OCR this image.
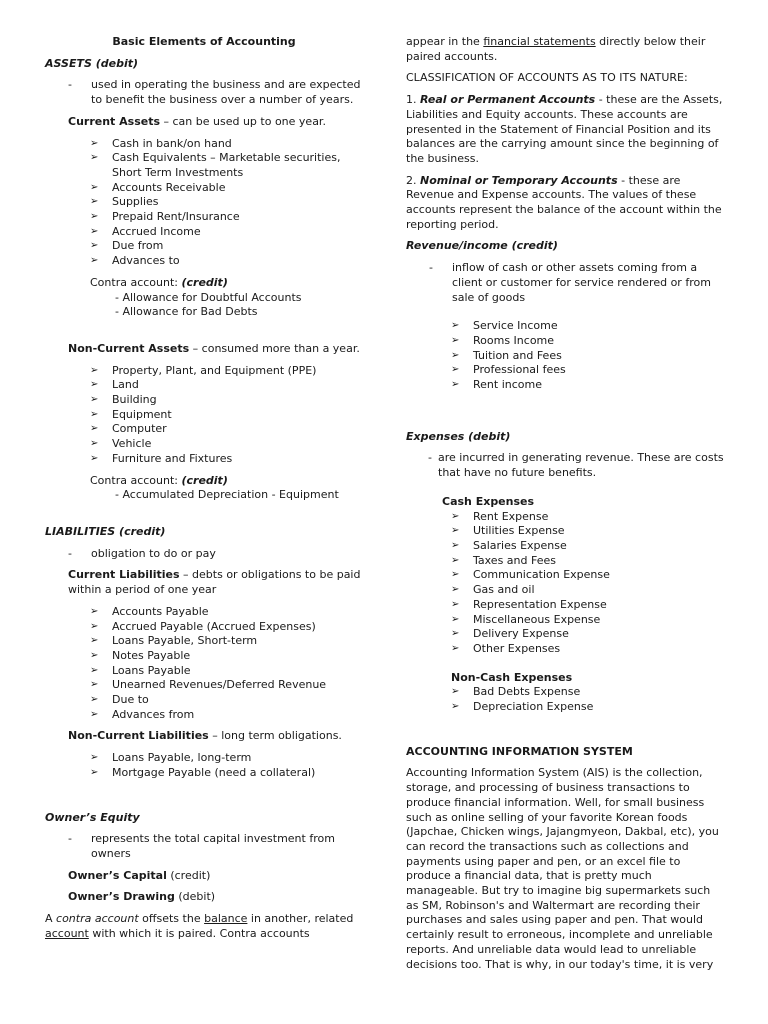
Basic Elements of Accounting

ASSETS (debit)

- used in operating the business and are expected to benefit the business over a number of years.

Current Assets – can be used up to one year.

➢ Cash in bank/on hand
➢ Cash Equivalents – Marketable securities, Short Term Investments
➢ Accounts Receivable
➢ Supplies
➢ Prepaid Rent/Insurance
➢ Accrued Income
➢ Due from
➢ Advances to

Contra account: (credit)

- Allowance for Doubtful Accounts

- Allowance for Bad Debts

Non-Current Assets – consumed more than a year.

➢ Property, Plant, and Equipment (PPE)
➢ Land
➢ Building
➢ Equipment
➢ Computer
➢ Vehicle
➢ Furniture and Fixtures

Contra account: (credit)

- Accumulated Depreciation - Equipment

LIABILITIES (credit)

- obligation to do or pay

Current Liabilities – debts or obligations to be paid within a period of one year

➢ Accounts Payable
➢ Accrued Payable (Accrued Expenses)
➢ Loans Payable, Short-term
➢ Notes Payable
➢ Loans Payable
➢ Unearned Revenues/Deferred Revenue
➢ Due to
➢ Advances from

Non-Current Liabilities – long term obligations.

➢ Loans Payable, long-term
➢ Mortgage Payable (need a collateral)

Owner’s Equity

- represents the total capital investment from owners

Owner’s Capital (credit)

Owner’s Drawing (debit)

A contra account offsets the balance in another, related account with which it is paired. Contra accounts

appear in the financial statements directly below their paired accounts.

CLASSIFICATION OF ACCOUNTS AS TO ITS NATURE:

1. Real or Permanent Accounts - these are the Assets, Liabilities and Equity accounts. These accounts are presented in the Statement of Financial Position and its balances are the carrying amount since the beginning of the business.

2. Nominal or Temporary Accounts - these are Revenue and Expense accounts. The values of these accounts represent the balance of the account within the reporting period.

Revenue/income (credit)

- inflow of cash or other assets coming from a client or customer for service rendered or from sale of goods

➢ Service Income
➢ Rooms Income
➢ Tuition and Fees
➢ Professional fees
➢ Rent income

Expenses (debit)

- are incurred in generating revenue. These are costs that have no future benefits.

Cash Expenses

➢ Rent Expense
➢ Utilities Expense
➢ Salaries Expense
➢ Taxes and Fees
➢ Communication Expense
➢ Gas and oil
➢ Representation Expense
➢ Miscellaneous Expense
➢ Delivery Expense
➢ Other Expenses

Non-Cash Expenses

➢ Bad Debts Expense
➢ Depreciation Expense

ACCOUNTING INFORMATION SYSTEM

Accounting Information System (AIS) is the collection, storage, and processing of business transactions to produce financial information. Well, for small business such as online selling of your favorite Korean foods (Japchae, Chicken wings, Jajangmyeon, Dakbal, etc), you can record the transactions such as collections and payments using paper and pen, or an excel file to produce a financial data, that is pretty much manageable. But try to imagine big supermarkets such as SM, Robinson's and Waltermart are recording their purchases and sales using paper and pen. That would certainly result to erroneous, incomplete and unreliable reports. And unreliable data would lead to unreliable decisions too. That is why, in our today's time, it is very
